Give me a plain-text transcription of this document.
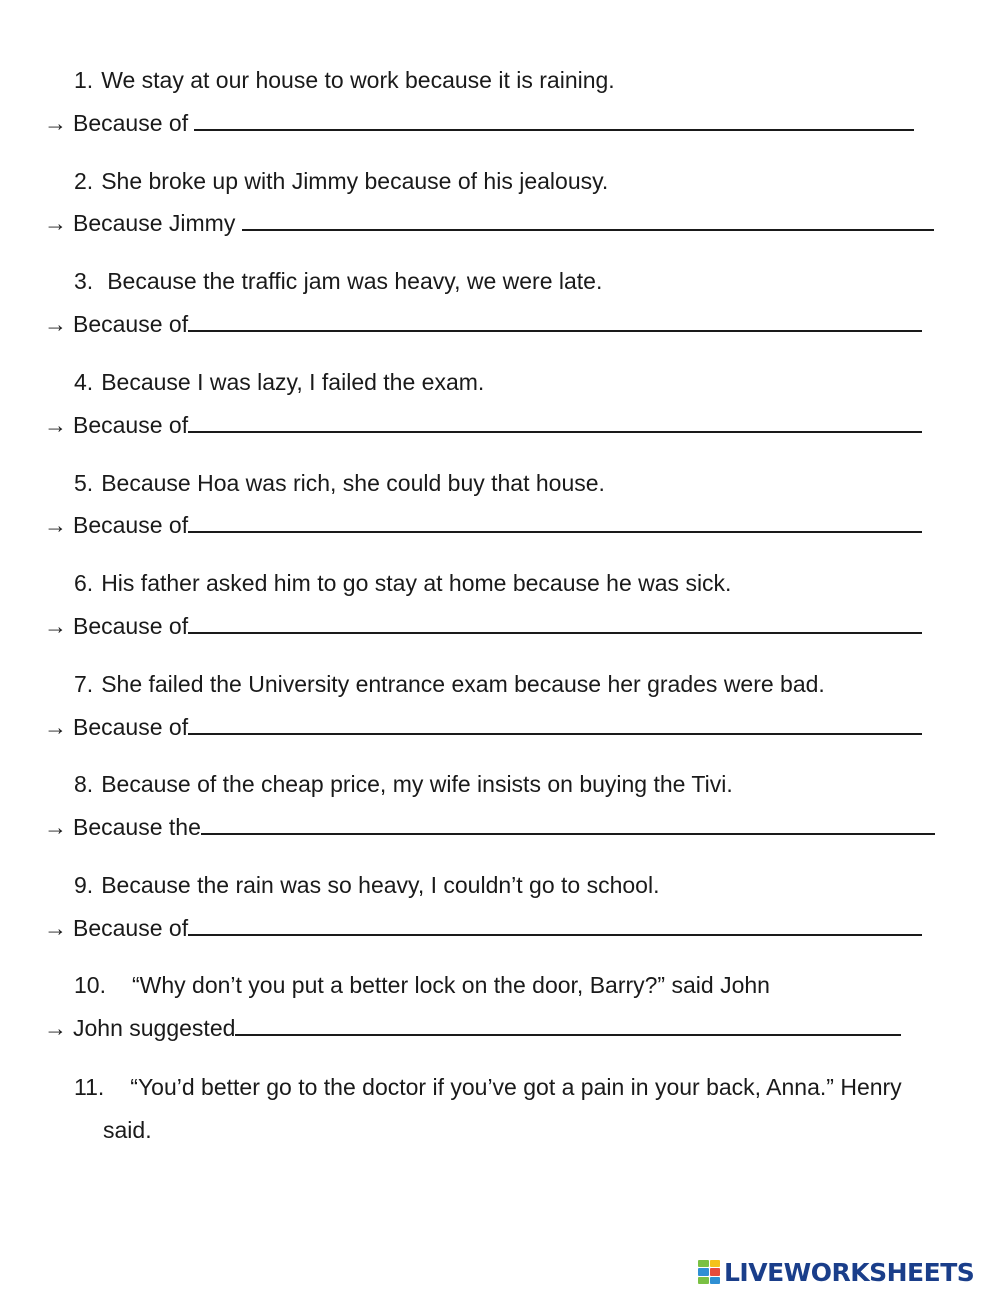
1. We stay at our house to work because it is raining.
→ Because of
2. She broke up with Jimmy because of his jealousy.
→ Because Jimmy
3. Because the traffic jam was heavy, we were late.
→ Because of
4. Because I was lazy, I failed the exam.
→ Because of
5. Because Hoa was rich, she could buy that house.
→ Because of
6. His father asked him to go stay at home because he was sick.
→ Because of
7. She failed the University entrance exam because her grades were bad.
→ Because of
8. Because of the cheap price, my wife insists on buying the Tivi.
→ Because the
9. Because the rain was so heavy, I couldn’t go to school.
→ Because of
10. “Why don’t you put a better lock on the door, Barry?” said John
→ John suggested
11. “You’d better go to the doctor if you’ve got a pain in your back, Anna.” Henry
said.
LIVEWORKSHEETS
